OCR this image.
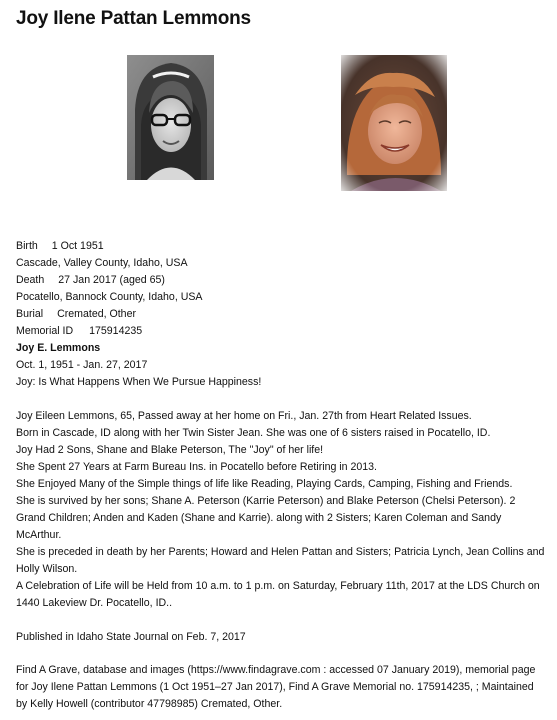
Joy Ilene Pattan Lemmons
Birth 1 Oct 1951
Cascade, Valley County, Idaho, USA
Death 27 Jan 2017 (aged 65)
Pocatello, Bannock County, Idaho, USA
Burial Cremated, Other
Memorial ID 175914235
Joy E. Lemmons
Oct. 1, 1951 - Jan. 27, 2017
Joy: Is What Happens When We Pursue Happiness!
Joy Eileen Lemmons, 65, Passed away at her home on Fri., Jan. 27th from Heart Related Issues.
Born in Cascade, ID along with her Twin Sister Jean. She was one of 6 sisters raised in Pocatello, ID.
Joy Had 2 Sons, Shane and Blake Peterson, The "Joy" of her life!
She Spent 27 Years at Farm Bureau Ins. in Pocatello before Retiring in 2013.
She Enjoyed Many of the Simple things of life like Reading, Playing Cards, Camping, Fishing and Friends.
She is survived by her sons; Shane A. Peterson (Karrie Peterson) and Blake Peterson (Chelsi Peterson). 2 Grand Children; Anden and Kaden (Shane and Karrie). along with 2 Sisters; Karen Coleman and Sandy McArthur.
She is preceded in death by her Parents; Howard and Helen Pattan and Sisters; Patricia Lynch, Jean Collins and Holly Wilson.
A Celebration of Life will be Held from 10 a.m. to 1 p.m. on Saturday, February 11th, 2017 at the LDS Church on 1440 Lakeview Dr. Pocatello, ID..
Published in Idaho State Journal on Feb. 7, 2017
Find A Grave, database and images (https://www.findagrave.com : accessed 07 January 2019), memorial page for Joy Ilene Pattan Lemmons (1 Oct 1951–27 Jan 2017), Find A Grave Memorial no. 175914235, ; Maintained by Kelly Howell (contributor 47798985) Cremated, Other.
